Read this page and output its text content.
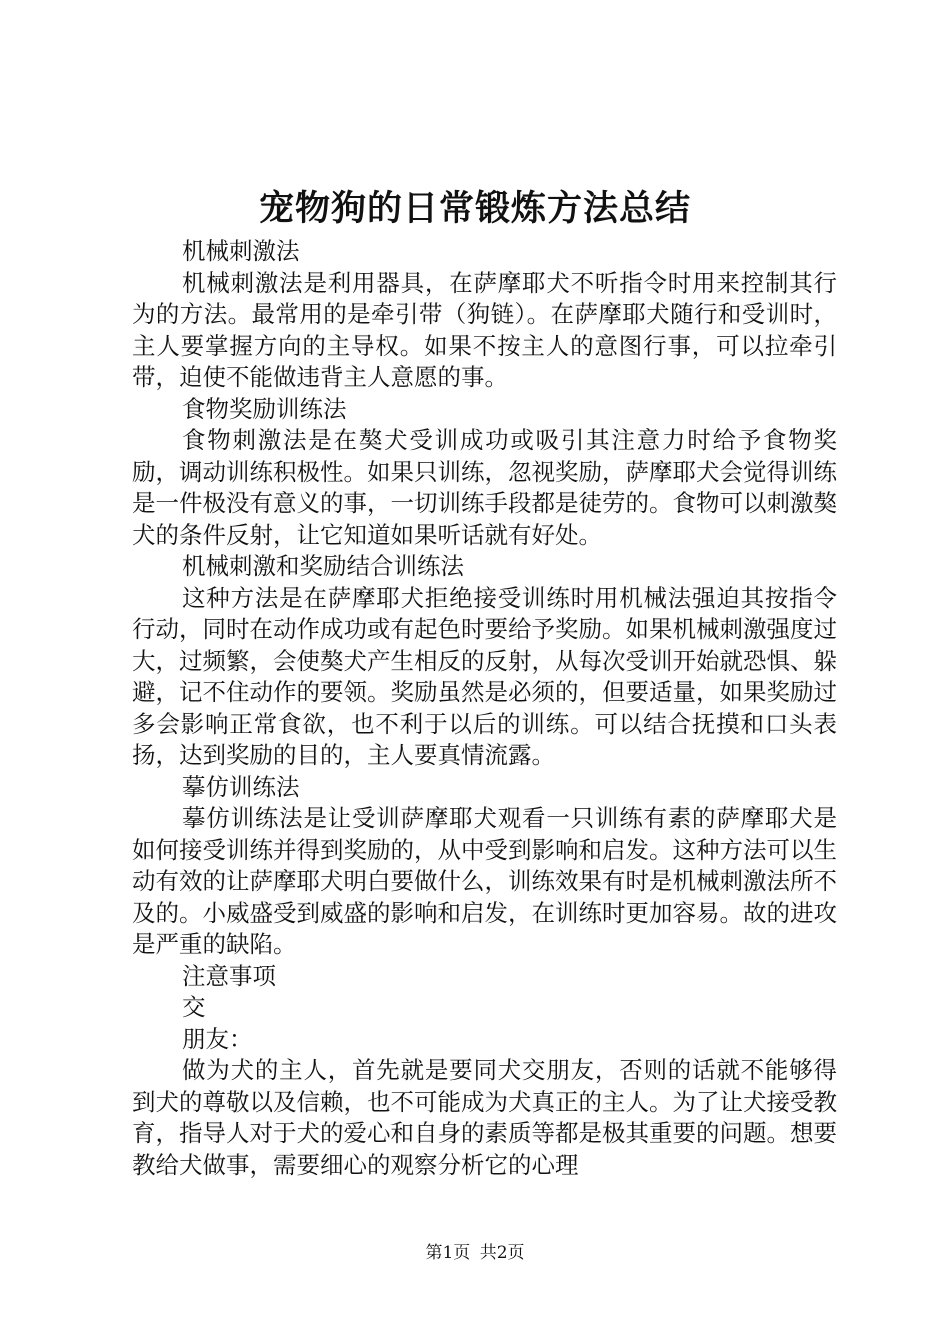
宠物狗的日常锻炼方法总结
机械刺激法
机械刺激法是利用器具，在萨摩耶犬不听指令时用来控制其行为的方法。最常用的是牵引带（狗链）。在萨摩耶犬随行和受训时，主人要掌握方向的主导权。如果不按主人的意图行事，可以拉牵引带，迫使不能做违背主人意愿的事。
食物奖励训练法
食物刺激法是在獒犬受训成功或吸引其注意力时给予食物奖励，调动训练积极性。如果只训练，忽视奖励，萨摩耶犬会觉得训练是一件极没有意义的事，一切训练手段都是徒劳的。食物可以刺激獒犬的条件反射，让它知道如果听话就有好处。
机械刺激和奖励结合训练法
这种方法是在萨摩耶犬拒绝接受训练时用机械法强迫其按指令行动，同时在动作成功或有起色时要给予奖励。如果机械刺激强度过大，过频繁，会使獒犬产生相反的反射，从每次受训开始就恐惧、躲避，记不住动作的要领。奖励虽然是必须的，但要适量，如果奖励过多会影响正常食欲，也不利于以后的训练。可以结合抚摸和口头表扬，达到奖励的目的，主人要真情流露。
摹仿训练法
摹仿训练法是让受训萨摩耶犬观看一只训练有素的萨摩耶犬是如何接受训练并得到奖励的，从中受到影响和启发。这种方法可以生动有效的让萨摩耶犬明白要做什么，训练效果有时是机械刺激法所不及的。小威盛受到威盛的影响和启发，在训练时更加容易。故的进攻是严重的缺陷。
注意事项
交
朋友：
做为犬的主人，首先就是要同犬交朋友，否则的话就不能够得到犬的尊敬以及信赖，也不可能成为犬真正的主人。为了让犬接受教育，指导人对于犬的爱心和自身的素质等都是极其重要的问题。想要教给犬做事，需要细心的观察分析它的心理
第1页 共2页
